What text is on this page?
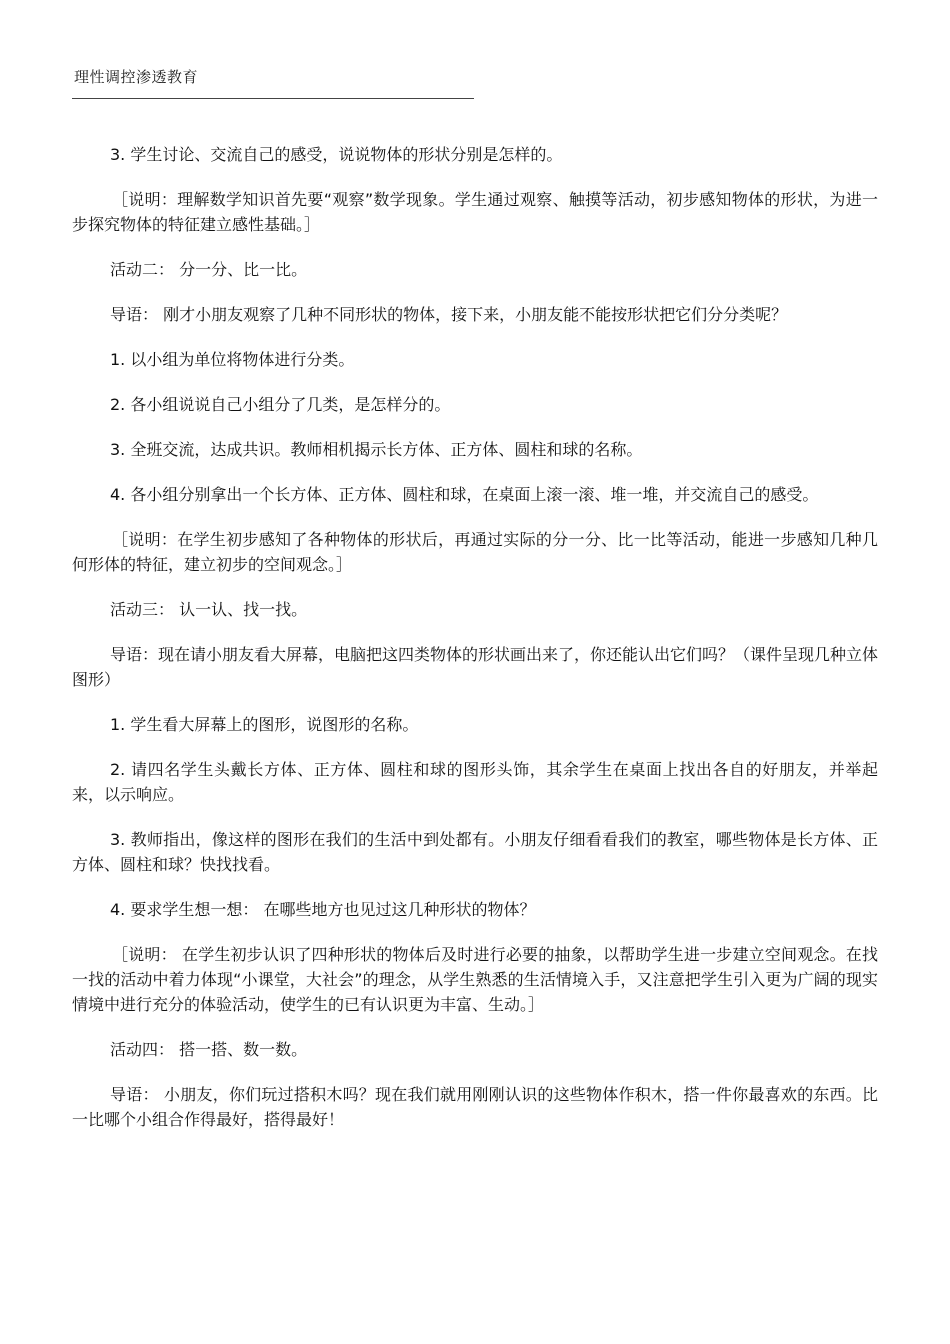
理性调控渗透教育

3. 学生讨论、交流自己的感受，说说物体的形状分别是怎样的。

［说明：理解数学知识首先要“观察”数学现象。学生通过观察、触摸等活动，初步感知物体的形状，为进一步探究物体的特征建立感性基础。］

活动二： 分一分、比一比。

导语： 刚才小朋友观察了几种不同形状的物体，接下来，小朋友能不能按形状把它们分分类呢？

1. 以小组为单位将物体进行分类。

2. 各小组说说自己小组分了几类，是怎样分的。

3. 全班交流，达成共识。教师相机揭示长方体、正方体、圆柱和球的名称。

4. 各小组分别拿出一个长方体、正方体、圆柱和球，在桌面上滚一滚、堆一堆，并交流自己的感受。

［说明：在学生初步感知了各种物体的形状后，再通过实际的分一分、比一比等活动，能进一步感知几种几何形体的特征，建立初步的空间观念。］

活动三： 认一认、找一找。

导语：现在请小朋友看大屏幕，电脑把这四类物体的形状画出来了，你还能认出它们吗？（课件呈现几种立体图形）

1. 学生看大屏幕上的图形，说图形的名称。

2. 请四名学生头戴长方体、正方体、圆柱和球的图形头饰，其余学生在桌面上找出各自的好朋友，并举起来，以示响应。

3. 教师指出，像这样的图形在我们的生活中到处都有。小朋友仔细看看我们的教室，哪些物体是长方体、正方体、圆柱和球？快找找看。

4. 要求学生想一想： 在哪些地方也见过这几种形状的物体？

［说明： 在学生初步认识了四种形状的物体后及时进行必要的抽象，以帮助学生进一步建立空间观念。在找一找的活动中着力体现“小课堂，大社会”的理念，从学生熟悉的生活情境入手，又注意把学生引入更为广阔的现实情境中进行充分的体验活动，使学生的已有认识更为丰富、生动。］

活动四： 搭一搭、数一数。

导语： 小朋友，你们玩过搭积木吗？现在我们就用刚刚认识的这些物体作积木，搭一件你最喜欢的东西。比一比哪个小组合作得最好，搭得最好！
